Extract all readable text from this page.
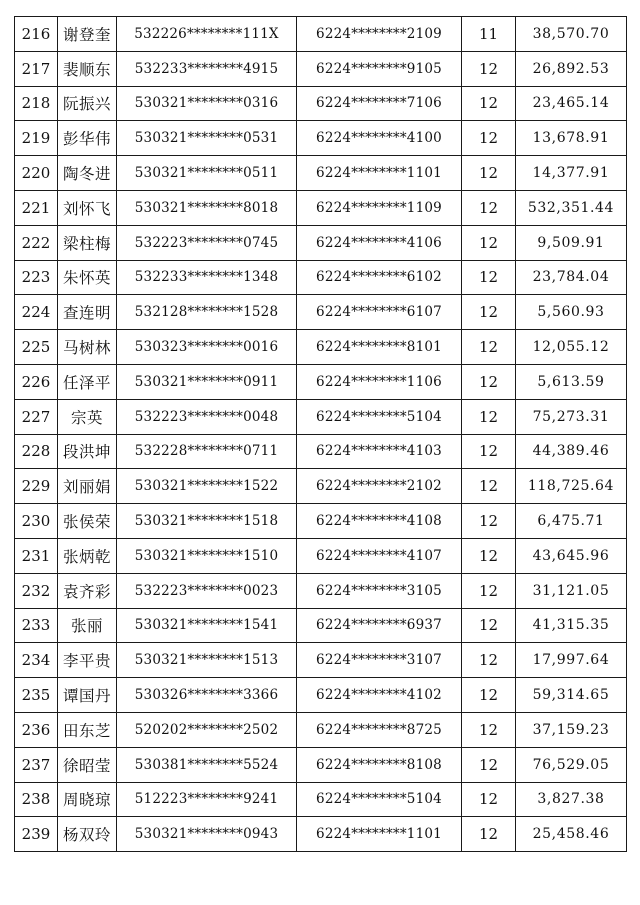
216	谢登奎	532226********111X	6224********2109	11	38,570.70
217	裴顺东	532233********4915	6224********9105	12	26,892.53
218	阮振兴	530321********0316	6224********7106	12	23,465.14
219	彭华伟	530321********0531	6224********4100	12	13,678.91
220	陶冬进	530321********0511	6224********1101	12	14,377.91
221	刘怀飞	530321********8018	6224********1109	12	532,351.44
222	梁柱梅	532223********0745	6224********4106	12	9,509.91
223	朱怀英	532233********1348	6224********6102	12	23,784.04
224	查连明	532128********1528	6224********6107	12	5,560.93
225	马树林	530323********0016	6224********8101	12	12,055.12
226	任泽平	530321********0911	6224********1106	12	5,613.59
227	宗英	532223********0048	6224********5104	12	75,273.31
228	段洪坤	532228********0711	6224********4103	12	44,389.46
229	刘丽娟	530321********1522	6224********2102	12	118,725.64
230	张侯荣	530321********1518	6224********4108	12	6,475.71
231	张炳乾	530321********1510	6224********4107	12	43,645.96
232	袁齐彩	532223********0023	6224********3105	12	31,121.05
233	张丽	530321********1541	6224********6937	12	41,315.35
234	李平贵	530321********1513	6224********3107	12	17,997.64
235	谭国丹	530326********3366	6224********4102	12	59,314.65
236	田东芝	520202********2502	6224********8725	12	37,159.23
237	徐昭莹	530381********5524	6224********8108	12	76,529.05
238	周晓琼	512223********9241	6224********5104	12	3,827.38
239	杨双玲	530321********0943	6224********1101	12	25,458.46
